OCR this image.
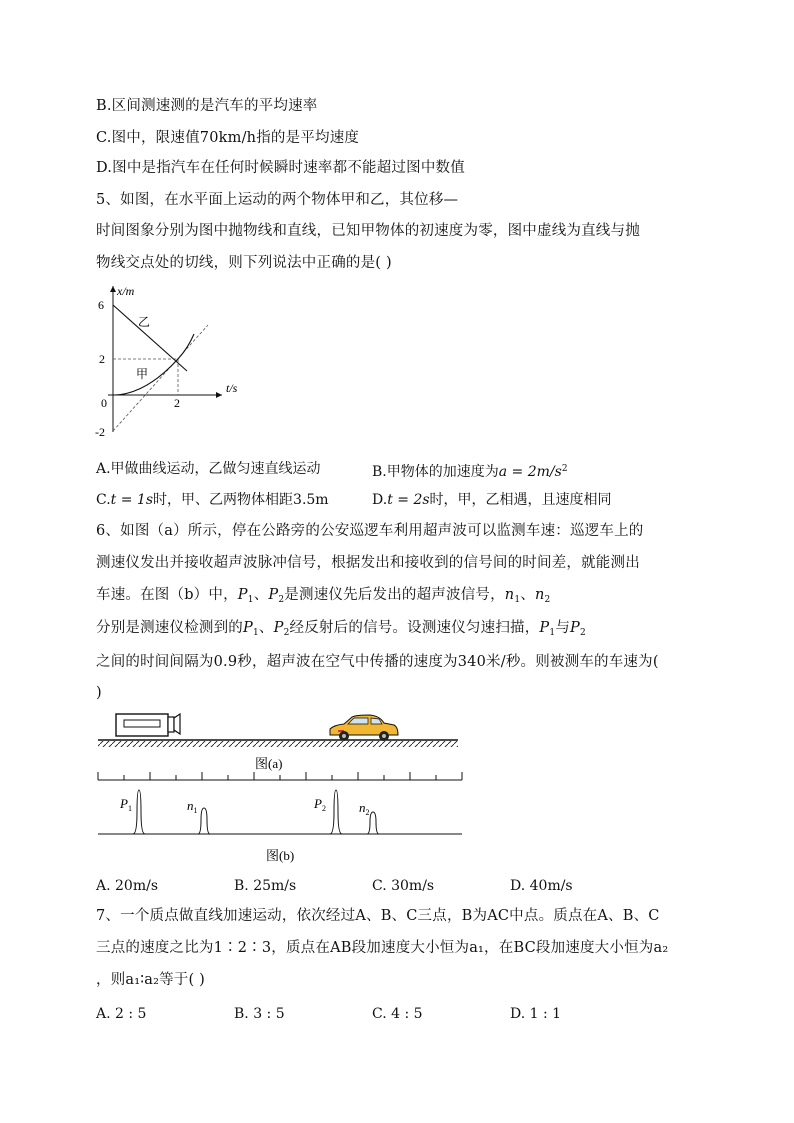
B.区间测速测的是汽车的平均速率
C.图中，限速值70km/h指的是平均速度
D.图中是指汽车在任何时候瞬时速率都不能超过图中数值
5、如图，在水平面上运动的两个物体甲和乙，其位移—
时间图象分别为图中抛物线和直线，已知甲物体的初速度为零，图中虚线为直线与抛
物线交点处的切线，则下列说法中正确的是( )
x/m
t/s
6
2
0
-2
2
乙
甲
A.甲做曲线运动，乙做匀速直线运动	B.甲物体的加速度为$a = 2m/s^2$
C.t = 1s时，甲、乙两物体相距3.5m	D.t = 2s时，甲，乙相遇，且速度相同
6、如图（a）所示，停在公路旁的公安巡逻车利用超声波可以监测车速：巡逻车上的
测速仪发出并接收超声波脉冲信号，根据发出和接收到的信号间的时间差，就能测出
车速。在图（b）中，$P_1$、$P_2$是测速仪先后发出的超声波信号，$n_1$、$n_2$
分别是测速仪检测到的$P_1$、$P_2$经反射后的信号。设测速仪匀速扫描，$P_1$与$P_2$
之间的时间间隔为0.9秒，超声波在空气中传播的速度为340米/秒。则被测车的车速为(
)
图(a)
$P_1$	$n_1$	$P_2$	$n_2$
图(b)
A. 20m/s	B. 25m/s	C. 30m/s	D. 40m/s
7、一个质点做直线加速运动，依次经过A、B、C三点，B为AC中点。质点在A、B、C
三点的速度之比为1∶2∶3，质点在AB段加速度大小恒为a₁，在BC段加速度大小恒为a₂
，则a₁∶a₂等于( )
A. 2 : 5	B. 3 : 5	C. 4 : 5	D. 1 : 1
